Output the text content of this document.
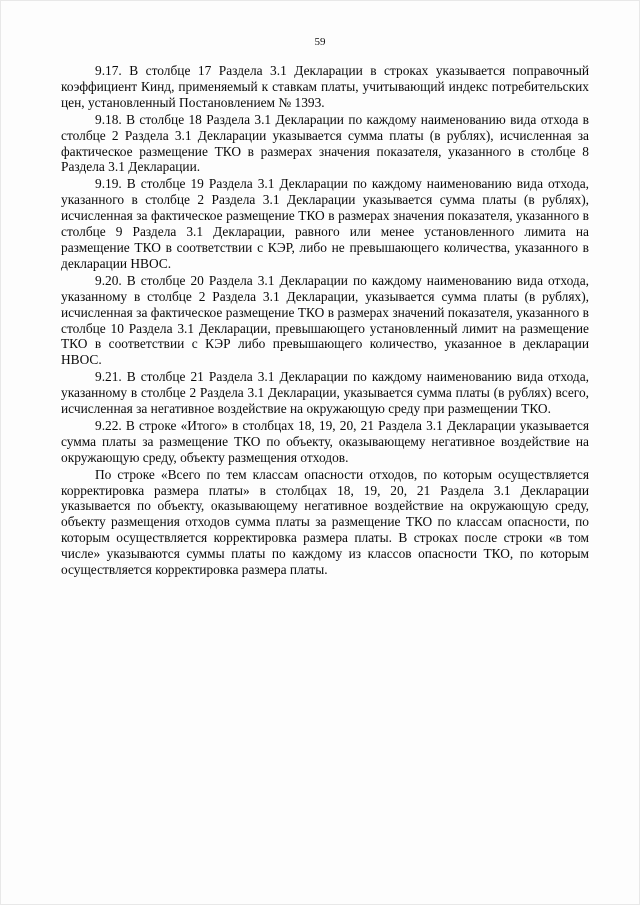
59

9.17. В столбце 17 Раздела 3.1 Декларации в строках указывается поправочный коэффициент Кинд, применяемый к ставкам платы, учитывающий индекс потребительских цен, установленный Постановлением № 1393.

9.18. В столбце 18 Раздела 3.1 Декларации по каждому наименованию вида отхода в столбце 2 Раздела 3.1 Декларации указывается сумма платы (в рублях), исчисленная за фактическое размещение ТКО в размерах значения показателя, указанного в столбце 8 Раздела 3.1 Декларации.

9.19. В столбце 19 Раздела 3.1 Декларации по каждому наименованию вида отхода, указанного в столбце 2 Раздела 3.1 Декларации указывается сумма платы (в рублях), исчисленная за фактическое размещение ТКО в размерах значения показателя, указанного в столбце 9 Раздела 3.1 Декларации, равного или менее установленного лимита на размещение ТКО в соответствии с КЭР, либо не превышающего количества, указанного в декларации НВОС.

9.20. В столбце 20 Раздела 3.1 Декларации по каждому наименованию вида отхода, указанному в столбце 2 Раздела 3.1 Декларации, указывается сумма платы (в рублях), исчисленная за фактическое размещение ТКО в размерах значений показателя, указанного в столбце 10 Раздела 3.1 Декларации, превышающего установленный лимит на размещение ТКО в соответствии с КЭР либо превышающего количество, указанное в декларации НВОС.

9.21. В столбце 21 Раздела 3.1 Декларации по каждому наименованию вида отхода, указанному в столбце 2 Раздела 3.1 Декларации, указывается сумма платы (в рублях) всего, исчисленная за негативное воздействие на окружающую среду при размещении ТКО.

9.22. В строке «Итого» в столбцах 18, 19, 20, 21 Раздела 3.1 Декларации указывается сумма платы за размещение ТКО по объекту, оказывающему негативное воздействие на окружающую среду, объекту размещения отходов.

По строке «Всего по тем классам опасности отходов, по которым осуществляется корректировка размера платы» в столбцах 18, 19, 20, 21 Раздела 3.1 Декларации указывается по объекту, оказывающему негативное воздействие на окружающую среду, объекту размещения отходов сумма платы за размещение ТКО по классам опасности, по которым осуществляется корректировка размера платы. В строках после строки «в том числе» указываются суммы платы по каждому из классов опасности ТКО, по которым осуществляется корректировка размера платы.
